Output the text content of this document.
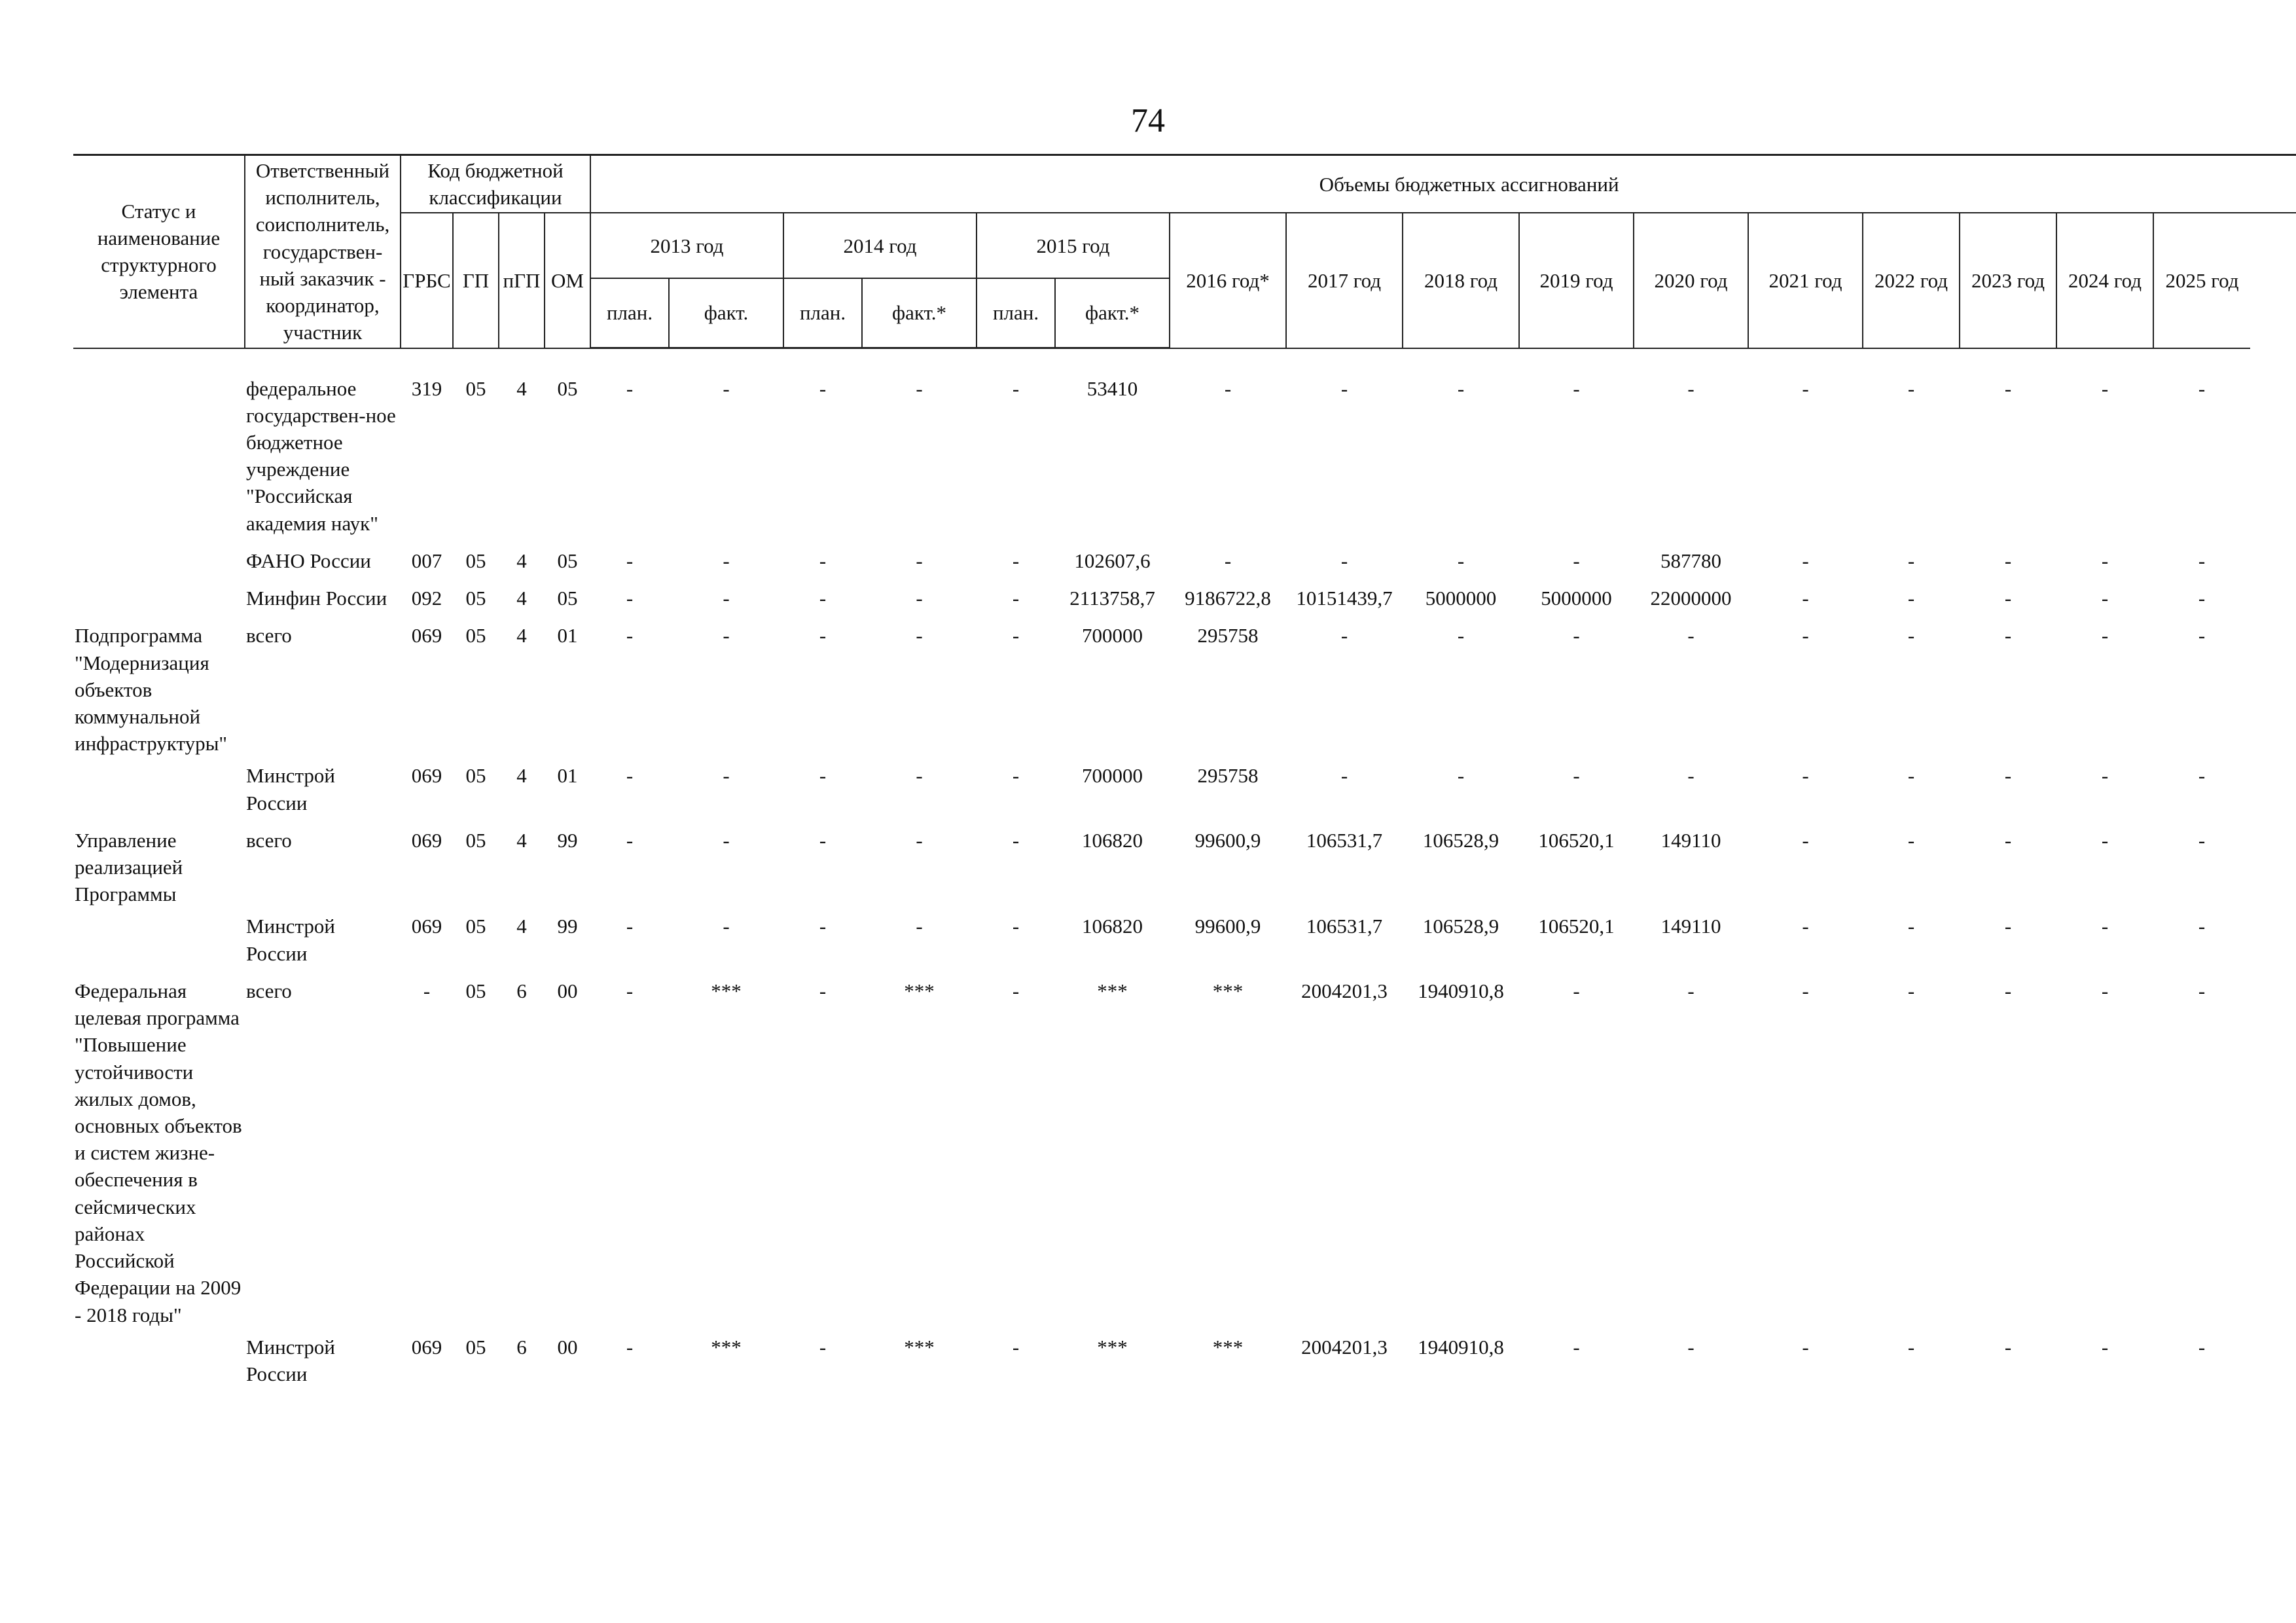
74
Статус и наименование структурного элемента	Ответственный исполнитель, соисполнитель, государствен-ный заказчик - координатор, участник	Код бюджетной классификации				Объемы бюджетных ассигнований															
		ГРБС	ГП	пГП	ОМ	2013 год		2014 год		2015 год		2016 год*	2017 год	2018 год	2019 год	2020 год	2021 год	2022 год	2023 год	2024 год	2025 год
						план.	факт.	план.	факт.*	план.	факт.*										
	федеральное государствен-ное бюджетное учреждение "Российская академия наук"	319	05	4	05	-	-	-	-	-	53410	-	-	-	-	-	-	-	-	-	-
	ФАНО России	007	05	4	05	-	-	-	-	-	102607,6	-	-	-	-	587780	-	-	-	-	-
	Минфин России	092	05	4	05	-	-	-	-	-	2113758,7	9186722,8	10151439,7	5000000	5000000	22000000	-	-	-	-	-
Подпрограмма "Модернизация объектов коммунальной инфраструктуры"	всего	069	05	4	01	-	-	-	-	-	700000	295758	-	-	-	-	-	-	-	-	-
	Минстрой России	069	05	4	01	-	-	-	-	-	700000	295758	-	-	-	-	-	-	-	-	-
Управление реализацией Программы	всего	069	05	4	99	-	-	-	-	-	106820	99600,9	106531,7	106528,9	106520,1	149110	-	-	-	-	-
	Минстрой России	069	05	4	99	-	-	-	-	-	106820	99600,9	106531,7	106528,9	106520,1	149110	-	-	-	-	-
Федеральная целевая программа "Повышение устойчивости жилых домов, основных объектов и систем жизне-обеспечения в сейсмических районах Российской Федерации на 2009 - 2018 годы"	всего	-	05	6	00	-	***	-	***	-	***	***	2004201,3	1940910,8	-	-	-	-	-	-	-
	Минстрой России	069	05	6	00	-	***	-	***	-	***	***	2004201,3	1940910,8	-	-	-	-	-	-	-
